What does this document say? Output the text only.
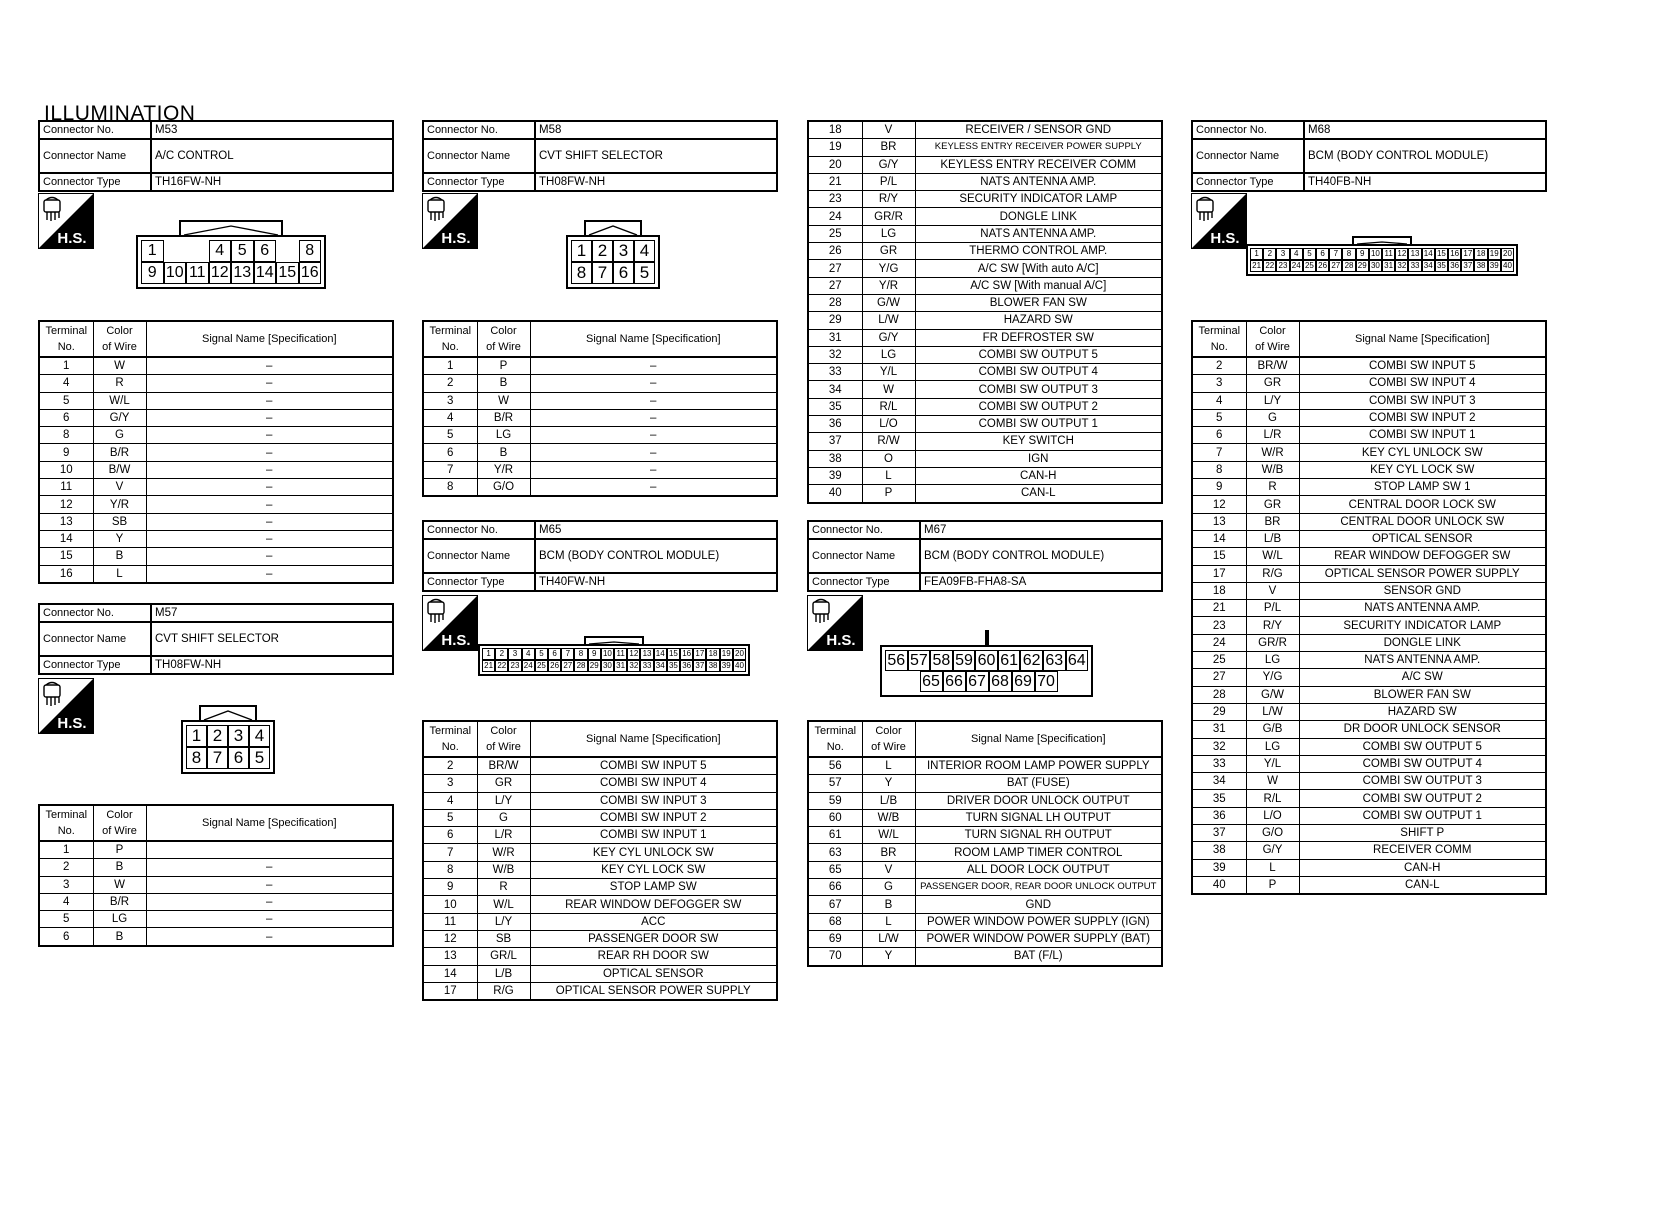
ILLUMINATION
Connector No.	M53
Connector Name	A/C CONTROL
Connector Type	TH16FW-NH
H.S.
1	4 5 6	8
9 10 11 12 13 14 15 16
Terminal
No.	Color
of Wire	Signal Name [Specification]
1	W	–
4	R	–
5	W/L	–
6	G/Y	–
8	G	–
9	B/R	–
10	B/W	–
11	V	–
12	Y/R	–
13	SB	–
14	Y	–
15	B	–
16	L	–
Connector No.	M57
Connector Name	CVT SHIFT SELECTOR
Connector Type	TH08FW-NH
H.S.
1 2 3 4
8 7 6 5
Terminal
No.	Color
of Wire	Signal Name [Specification]
1	P	
2	B	–
3	W	–
4	B/R	–
5	LG	–
6	B	–
Connector No.	M58
Connector Name	CVT SHIFT SELECTOR
Connector Type	TH08FW-NH
H.S.
1 2 3 4
8 7 6 5
Terminal
No.	Color
of Wire	Signal Name [Specification]
1	P	–
2	B	–
3	W	–
4	B/R	–
5	LG	–
6	B	–
7	Y/R	–
8	G/O	–
Connector No.	M65
Connector Name	BCM (BODY CONTROL MODULE)
Connector Type	TH40FW-NH
H.S.
1	2	3	4	5	6	7	8	9 10 11 12 13 14 15 16 17 18 19 20
21 22 23 24 25 26 27 28 29 30 31 32 33 34 35 36 37 38 39 40
Terminal
No.	Color
of Wire	Signal Name [Specification]
2	BR/W	COMBI SW INPUT 5
3	GR	COMBI SW INPUT 4
4	L/Y	COMBI SW INPUT 3
5	G	COMBI SW INPUT 2
6	L/R	COMBI SW INPUT 1
7	W/R	KEY CYL UNLOCK SW
8	W/B	KEY CYL LOCK SW
9	R	STOP LAMP SW
10	W/L	REAR WINDOW DEFOGGER SW
11	L/Y	ACC
12	SB	PASSENGER DOOR SW
13	GR/L	REAR RH DOOR SW
14	L/B	OPTICAL SENSOR
17	R/G	OPTICAL SENSOR POWER SUPPLY
18	V	RECEIVER / SENSOR GND
19	BR	KEYLESS ENTRY RECEIVER POWER SUPPLY
20	G/Y	KEYLESS ENTRY RECEIVER COMM
21	P/L	NATS ANTENNA AMP.
23	R/Y	SECURITY INDICATOR LAMP
24	GR/R	DONGLE LINK
25	LG	NATS ANTENNA AMP.
26	GR	THERMO CONTROL AMP.
27	Y/G	A/C SW [With auto A/C]
27	Y/R	A/C SW [With manual A/C]
28	G/W	BLOWER FAN SW
29	L/W	HAZARD SW
31	G/Y	FR DEFROSTER SW
32	LG	COMBI SW OUTPUT 5
33	Y/L	COMBI SW OUTPUT 4
34	W	COMBI SW OUTPUT 3
35	R/L	COMBI SW OUTPUT 2
36	L/O	COMBI SW OUTPUT 1
37	R/W	KEY SWITCH
38	O	IGN
39	L	CAN-H
40	P	CAN-L
Connector No.	M67
Connector Name	BCM (BODY CONTROL MODULE)
Connector Type	FEA09FB-FHA8-SA
H.S.
56 57 58 59 60 61 62 63 64
65 66 67 68 69 70
Terminal
No.	Color
of Wire	Signal Name [Specification]
56	L	INTERIOR ROOM LAMP POWER SUPPLY
57	Y	BAT (FUSE)
59	L/B	DRIVER DOOR UNLOCK OUTPUT
60	W/B	TURN SIGNAL LH OUTPUT
61	W/L	TURN SIGNAL RH OUTPUT
63	BR	ROOM LAMP TIMER CONTROL
65	V	ALL DOOR LOCK OUTPUT
66	G	PASSENGER DOOR, REAR DOOR UNLOCK OUTPUT
67	B	GND
68	L	POWER WINDOW POWER SUPPLY (IGN)
69	L/W	POWER WINDOW POWER SUPPLY (BAT)
70	Y	BAT (F/L)
Connector No.	M68
Connector Name	BCM (BODY CONTROL MODULE)
Connector Type	TH40FB-NH
H.S.
1	2	3	4	5	6	7	8	9 10 11 12 13 14 15 16 17 18 19 20
21 22 23 24 25 26 27 28 29 30 31 32 33 34 35 36 37 38 39 40
Terminal
No.	Color
of Wire	Signal Name [Specification]
2	BR/W	COMBI SW INPUT 5
3	GR	COMBI SW INPUT 4
4	L/Y	COMBI SW INPUT 3
5	G	COMBI SW INPUT 2
6	L/R	COMBI SW INPUT 1
7	W/R	KEY CYL UNLOCK SW
8	W/B	KEY CYL LOCK SW
9	R	STOP LAMP SW 1
12	GR	CENTRAL DOOR LOCK SW
13	BR	CENTRAL DOOR UNLOCK SW
14	L/B	OPTICAL SENSOR
15	W/L	REAR WINDOW DEFOGGER SW
17	R/G	OPTICAL SENSOR POWER SUPPLY
18	V	SENSOR GND
21	P/L	NATS ANTENNA AMP.
23	R/Y	SECURITY INDICATOR LAMP
24	GR/R	DONGLE LINK
25	LG	NATS ANTENNA AMP.
27	Y/G	A/C SW
28	G/W	BLOWER FAN SW
29	L/W	HAZARD SW
31	G/B	DR DOOR UNLOCK SENSOR
32	LG	COMBI SW OUTPUT 5
33	Y/L	COMBI SW OUTPUT 4
34	W	COMBI SW OUTPUT 3
35	R/L	COMBI SW OUTPUT 2
36	L/O	COMBI SW OUTPUT 1
37	G/O	SHIFT P
38	G/Y	RECEIVER COMM
39	L	CAN-H
40	P	CAN-L
